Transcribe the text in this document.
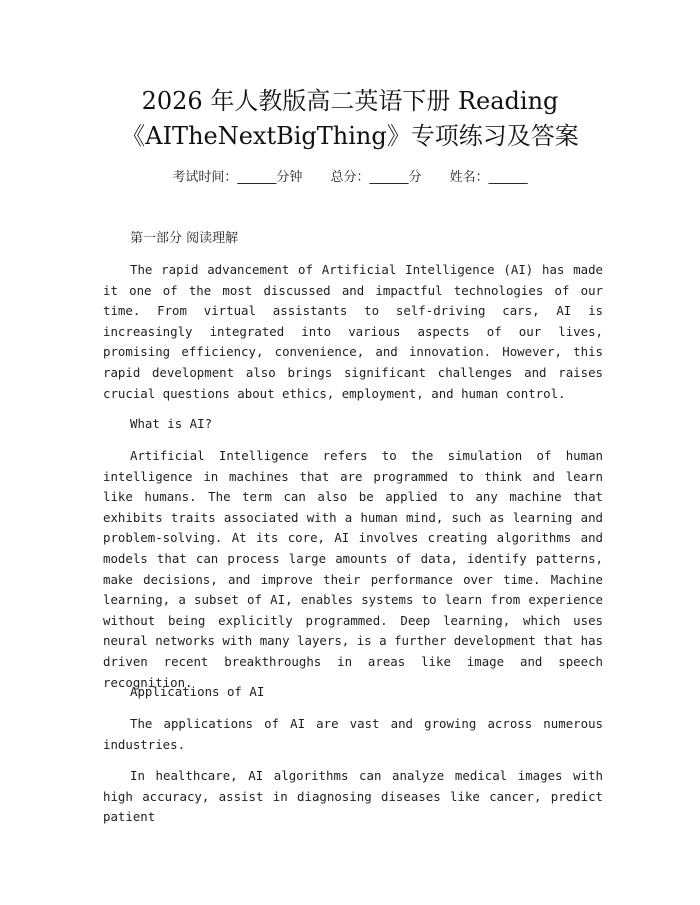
2026 年人教版高二英语下册 Reading
《AITheNextBigThing》专项练习及答案
考试时间：______分钟 总分：______分 姓名：______

第一部分 阅读理解

The rapid advancement of Artificial Intelligence (AI) has made it one of the most discussed and impactful technologies of our time. From virtual assistants to self-driving cars, AI is increasingly integrated into various aspects of our lives, promising efficiency, convenience, and innovation. However, this rapid development also brings significant challenges and raises crucial questions about ethics, employment, and human control.

What is AI?

Artificial Intelligence refers to the simulation of human intelligence in machines that are programmed to think and learn like humans. The term can also be applied to any machine that exhibits traits associated with a human mind, such as learning and problem-solving. At its core, AI involves creating algorithms and models that can process large amounts of data, identify patterns, make decisions, and improve their performance over time. Machine learning, a subset of AI, enables systems to learn from experience without being explicitly programmed. Deep learning, which uses neural networks with many layers, is a further development that has driven recent breakthroughs in areas like image and speech recognition.

Applications of AI

The applications of AI are vast and growing across numerous industries.

In healthcare, AI algorithms can analyze medical images with high accuracy, assist in diagnosing diseases like cancer, predict patient
